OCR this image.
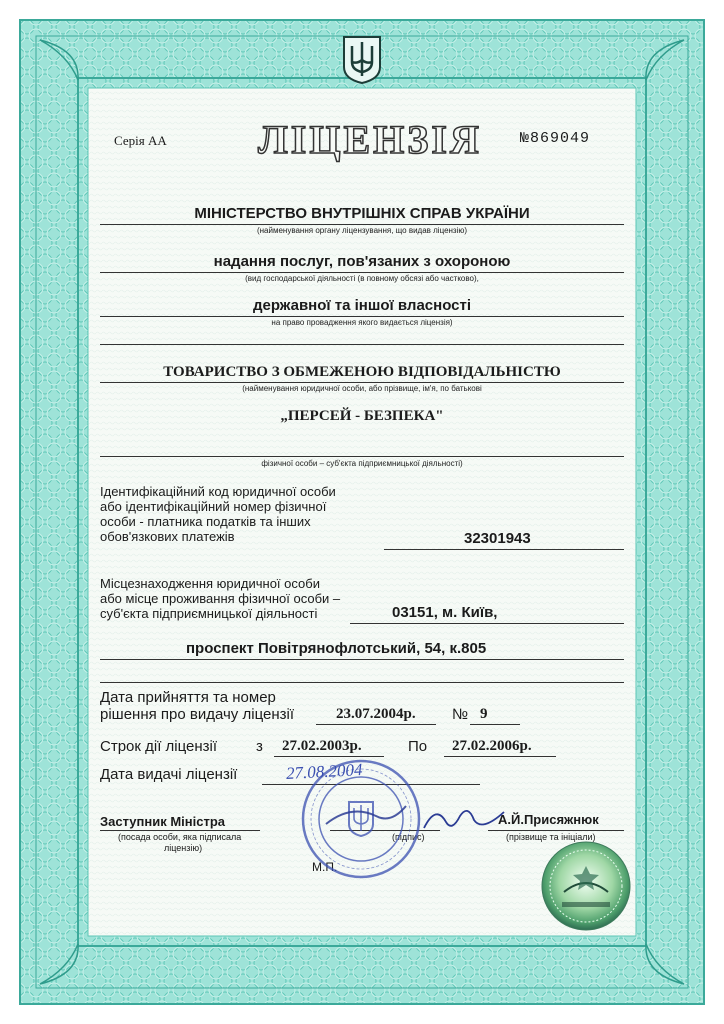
Серія АА ЛІЦЕНЗІЯ	№869049
МІНІСТЕРСТВО ВНУТРІШНІХ СПРАВ УКРАЇНИ
(найменування органу ліцензування, що видав ліцензію)
надання послуг, пов'язаних з охороною
(вид господарської діяльності (в повному обсязі або частково),
державної та іншої власності
на право провадження якого видається ліцензія)
ТОВАРИСТВО З ОБМЕЖЕНОЮ ВІДПОВІДАЛЬНІСТЮ
(найменування юридичної особи, або прізвище, ім'я, по батькові
„ПЕРСЕЙ - БЕЗПЕКА"
фізичної особи – суб'єкта підприємницької діяльності)
Ідентифікаційний код юридичної особи
або ідентифікаційний номер фізичної
особи - платника податків та інших
обов'язкових платежів	32301943
Місцезнаходження юридичної особи
або місце проживання фізичної особи –
суб'єкта підприємницької діяльності	03151, м. Київ,
проспект Повітрянофлотський, 54, к.805
Дата прийняття та номер
рішення про видачу ліцензії	23.07.2004р. № 9
Строк дії ліцензії	з 27.02.2003р.	По 27.02.2006р.
Дата видачі ліцензії	27.08.2004
Заступник Міністра
(посада особи, яка підписала
ліцензію)
(підпис)
М.П.
А.Й.Присяжнюк
(прізвище та ініціали)
